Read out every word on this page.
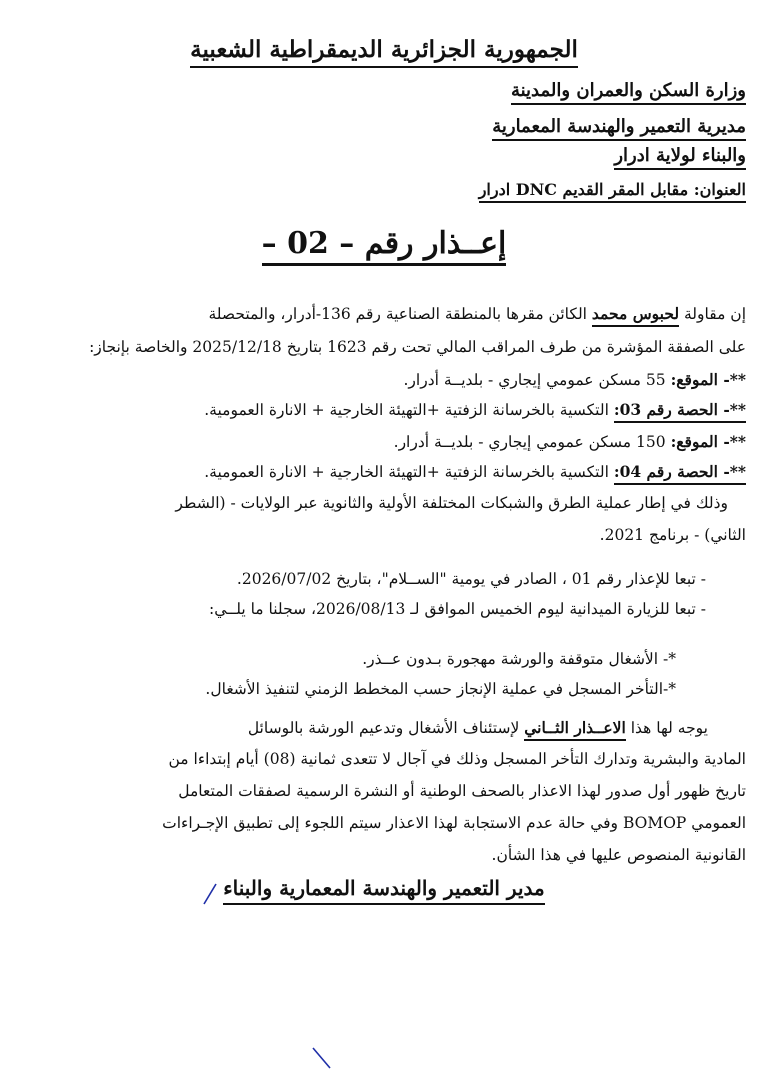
الجمهورية الجزائرية الديمقراطية الشعبية
وزارة السكن والعمران والمدينة
مديرية التعمير والهندسة المعمارية
والبناء لولاية ادرار
العنوان: مقابل المقر القديم DNC ادرار
إعــذار رقم – 02 –
إن مقاولة لحبوس محمد الكائن مقرها بالمنطقة الصناعية رقم 136-أدرار، والمتحصلة
على الصفقة المؤشرة من طرف المراقب المالي تحت رقم 1623 بتاريخ 2025/12/18 والخاصة بإنجاز:
**- الموقع: 55 مسكن عمومي إيجاري - بلديــة أدرار.
**- الحصة رقم 03: التكسية بالخرسانة الزفتية +التهيئة الخارجية + الانارة العمومية.
**- الموقع: 150 مسكن عمومي إيجاري - بلديــة أدرار.
**- الحصة رقم 04: التكسية بالخرسانة الزفتية +التهيئة الخارجية + الانارة العمومية.
وذلك في إطار عملية الطرق والشبكات المختلفة الأولية والثانوية عبر الولايات - (الشطر
الثاني) - برنامج 2021.
- تبعا للإعذار رقم 01 ، الصادر في يومية "الســلام"، بتاريخ 2026/07/02.
- تبعا للزيارة الميدانية ليوم الخميس الموافق لـ 2026/08/13، سجلنا ما يلــي:
*- الأشغال متوقفة والورشة مهجورة بـدون عــذر.
*-التأخر المسجل في عملية الإنجاز حسب المخطط الزمني لتنفيذ الأشغال.
يوجه لها هذا الاعــذار الثــاني لإستئناف الأشغال وتدعيم الورشة بالوسائل
المادية والبشرية وتدارك التأخر المسجل وذلك في آجال لا تتعدى ثمانية (08) أيام إبتداءا من
تاريخ ظهور أول صدور لهذا الاعذار بالصحف الوطنية أو النشرة الرسمية لصفقات المتعامل
العمومي BOMOP وفي حالة عدم الاستجابة لهذا الاعذار سيتم اللجوء إلى تطبيق الإجـراءات
القانونية المنصوص عليها في هذا الشأن.
مدير التعمير والهندسة المعمارية والبناء
